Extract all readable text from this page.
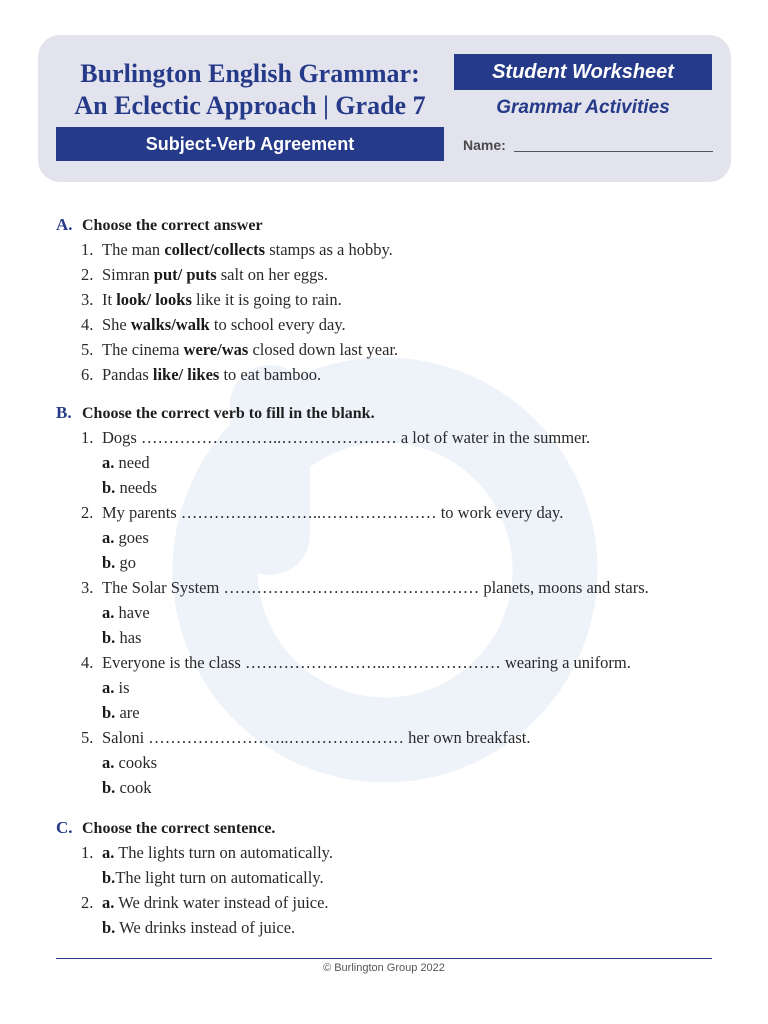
Burlington English Grammar:
An Eclectic Approach | Grade 7
Subject-Verb Agreement
Student Worksheet
Grammar Activities
Name:
A. Choose the correct answer
1. The man collect/collects stamps as a hobby.
2. Simran put/ puts salt on her eggs.
3. It look/ looks like it is going to rain.
4. She walks/walk to school every day.
5. The cinema were/was closed down last year.
6. Pandas like/ likes to eat bamboo.
B. Choose the correct verb to fill in the blank.
1. Dogs ……………………..………………… a lot of water in the summer.
a. need
b. needs
2. My parents ……………………..………………… to work every day.
a. goes
b. go
3. The Solar System ……………………..………………… planets, moons and stars.
a. have
b. has
4. Everyone is the class ……………………..………………… wearing a uniform.
a. is
b. are
5. Saloni ……………………..………………… her own breakfast.
a. cooks
b. cook
C. Choose the correct sentence.
1. a. The lights turn on automatically.
b.The light turn on automatically.
2. a. We drink water instead of juice.
b. We drinks instead of juice.
© Burlington Group 2022
